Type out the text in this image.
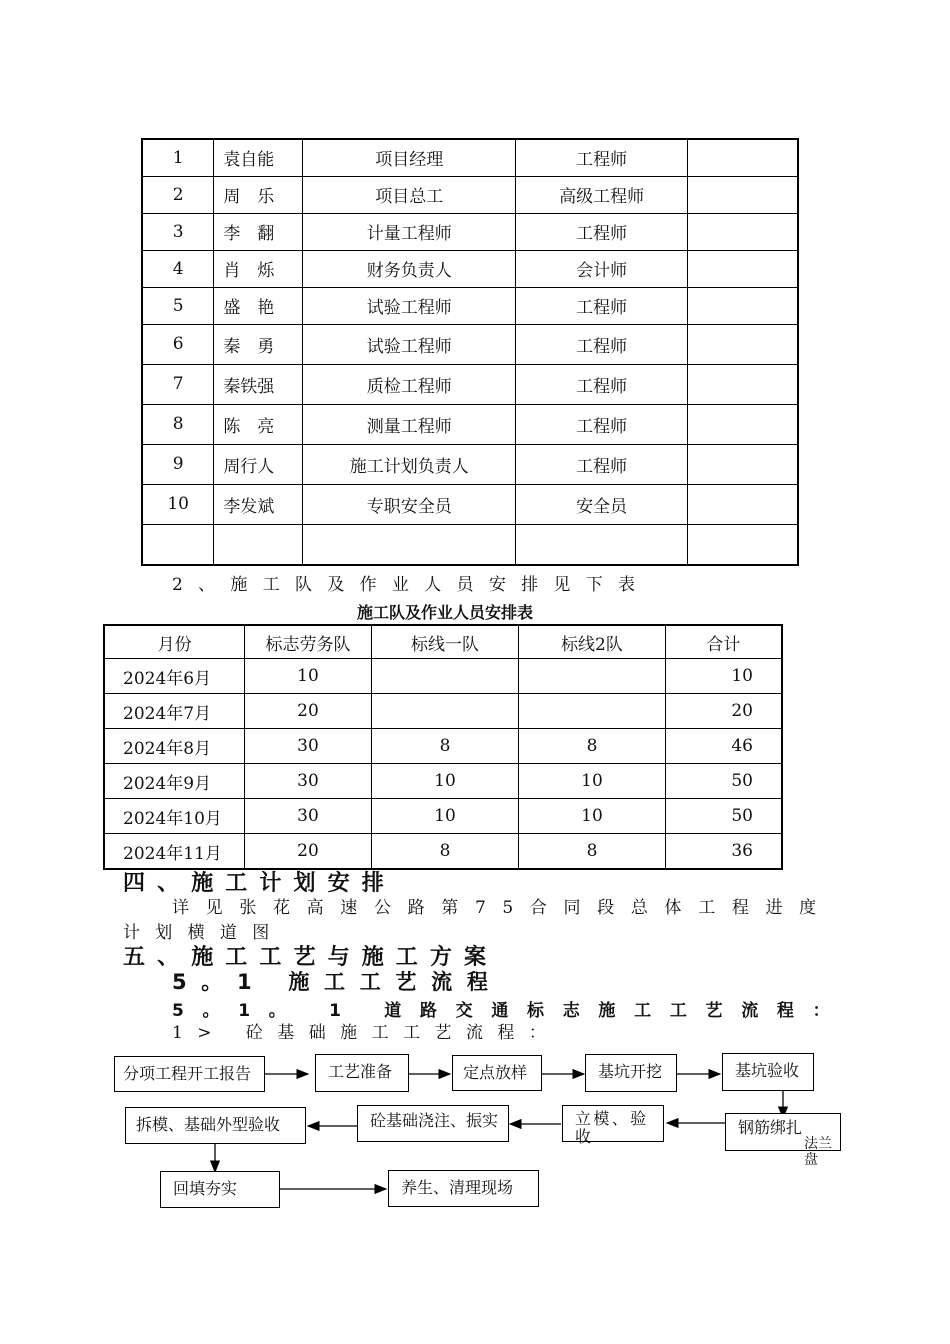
1	袁自能	项目经理	工程师	
2	周　乐	项目总工	高级工程师	
3	李　翻	计量工程师	工程师	
4	肖　烁	财务负责人	会计师	
5	盛　艳	试验工程师	工程师	
6	秦　勇	试验工程师	工程师	
7	秦铁强	质检工程师	工程师	
8	陈　亮	测量工程师	工程师	
9	周行人	施工计划负责人	工程师	
10	李发斌	专职安全员	安全员	

2、施工队及作业人员安排见下表
施工队及作业人员安排表
月份	标志劳务队	标线一队	标线2队	合计
2024年6月	10			10
2024年7月	20			20
2024年8月	30	8	8	46
2024年9月	30	10	10	50
2024年10月	30	10	10	50
2024年11月	20	8	8	36
四、施工计划安排
详见张花高速公路第75合同段总体工程进度
计划横道图
五、施工工艺与施工方案
5。1 施工工艺流程
5。1。 1 道路交通标志施工工艺流程：
1> 砼基础施工工艺流程：
分项工程开工报告	工艺准备	定点放样	基坑开挖	基坑验收
钢筋绑扎
法兰盘
立模、验收
砼基础浇注、振实
拆模、基础外型验收
回填夯实	养生、清理现场
